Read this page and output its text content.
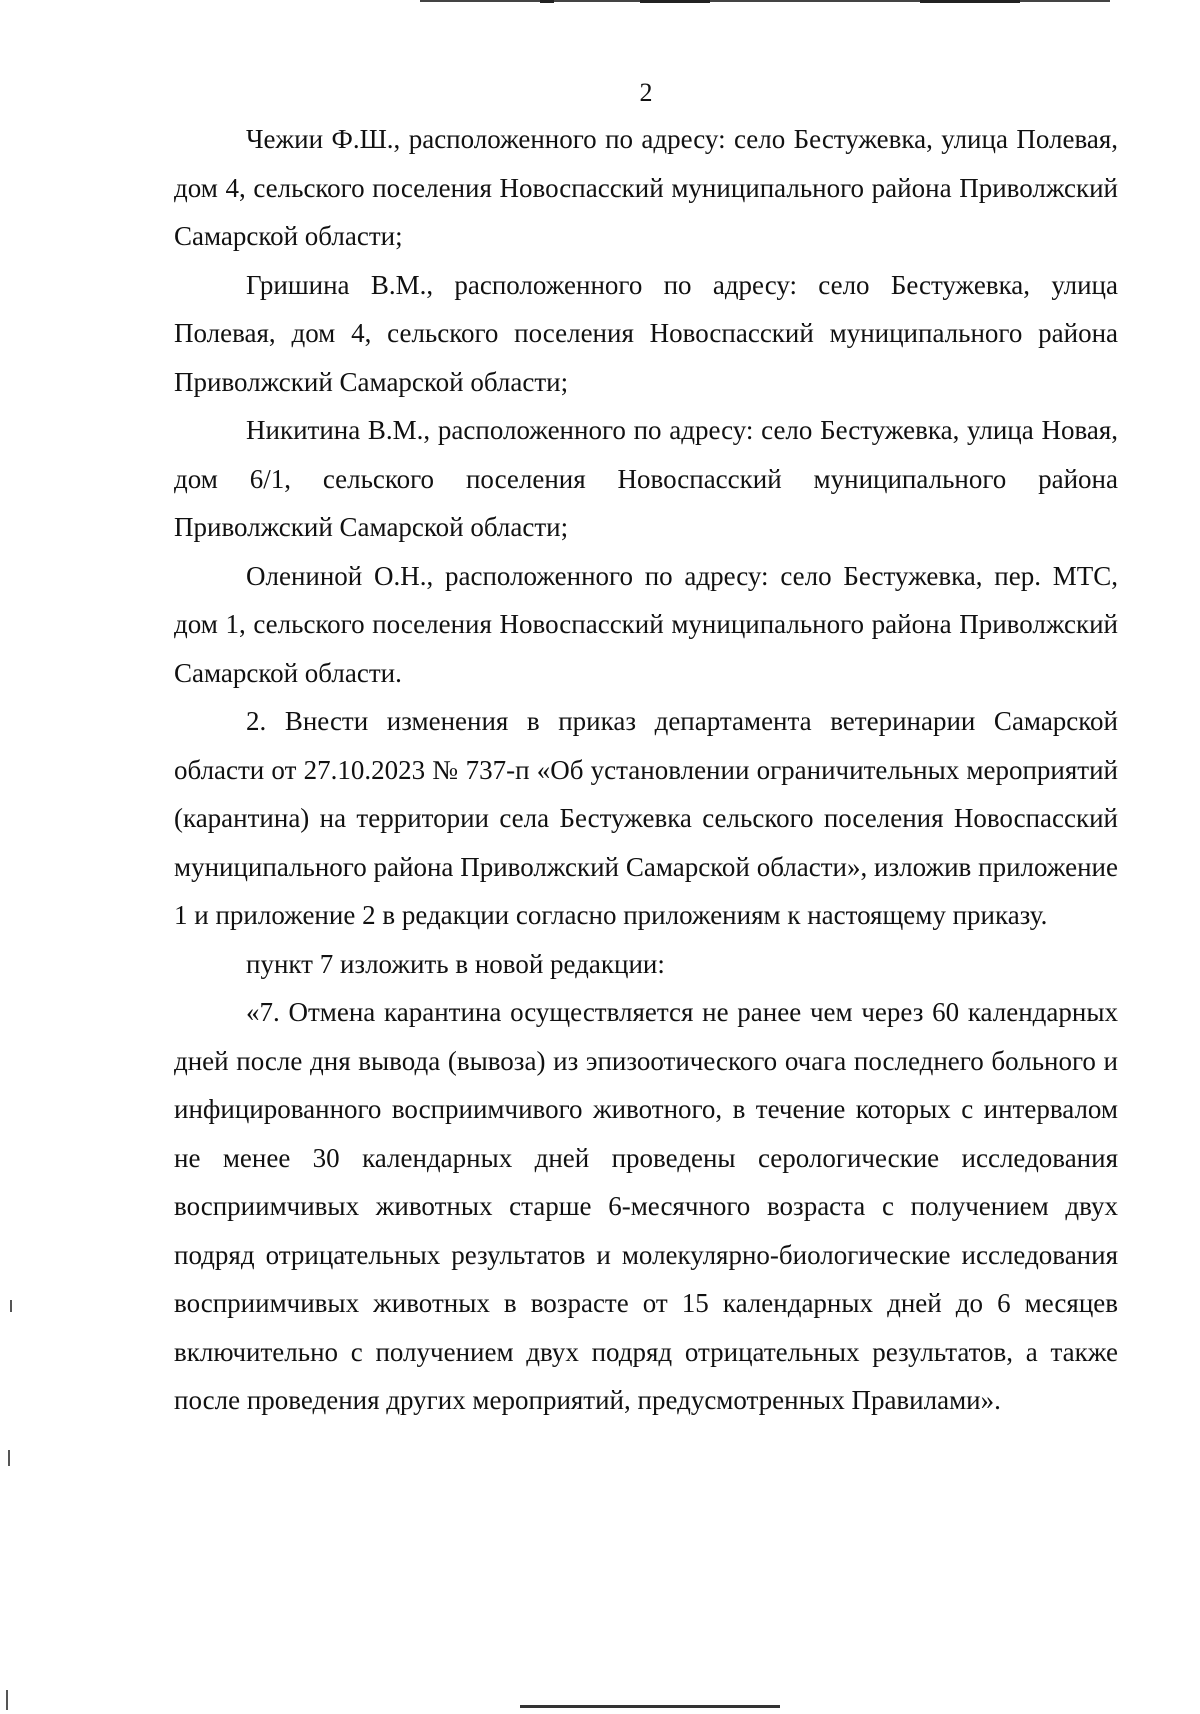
2

Чежии Ф.Ш., расположенного по адресу: село Бестужевка, улица Полевая, дом 4, сельского поселения Новоспасский муниципального района Приволжский Самарской области;

Гришина В.М., расположенного по адресу: село Бестужевка, улица Полевая, дом 4, сельского поселения Новоспасский муниципального района Приволжский Самарской области;

Никитина В.М., расположенного по адресу: село Бестужевка, улица Новая, дом 6/1, сельского поселения Новоспасский муниципального района Приволжский Самарской области;

Олениной О.Н., расположенного по адресу: село Бестужевка, пер. МТС, дом 1, сельского поселения Новоспасский муниципального района Приволжский Самарской области.

2. Внести изменения в приказ департамента ветеринарии Самарской области от 27.10.2023 № 737-п «Об установлении ограничительных мероприятий (карантина) на территории села Бестужевка сельского поселения Новоспасский муниципального района Приволжский Самарской области», изложив приложение 1 и приложение 2 в редакции согласно приложениям к настоящему приказу.

пункт 7 изложить в новой редакции:

«7. Отмена карантина осуществляется не ранее чем через 60 календарных дней после дня вывода (вывоза) из эпизоотического очага последнего больного и инфицированного восприимчивого животного, в течение которых с интервалом не менее 30 календарных дней проведены серологические исследования восприимчивых животных старше 6-месячного возраста с получением двух подряд отрицательных результатов и молекулярно-биологические исследования восприимчивых животных в возрасте от 15 календарных дней до 6 месяцев включительно с получением двух подряд отрицательных результатов, а также после проведения других мероприятий, предусмотренных Правилами».
